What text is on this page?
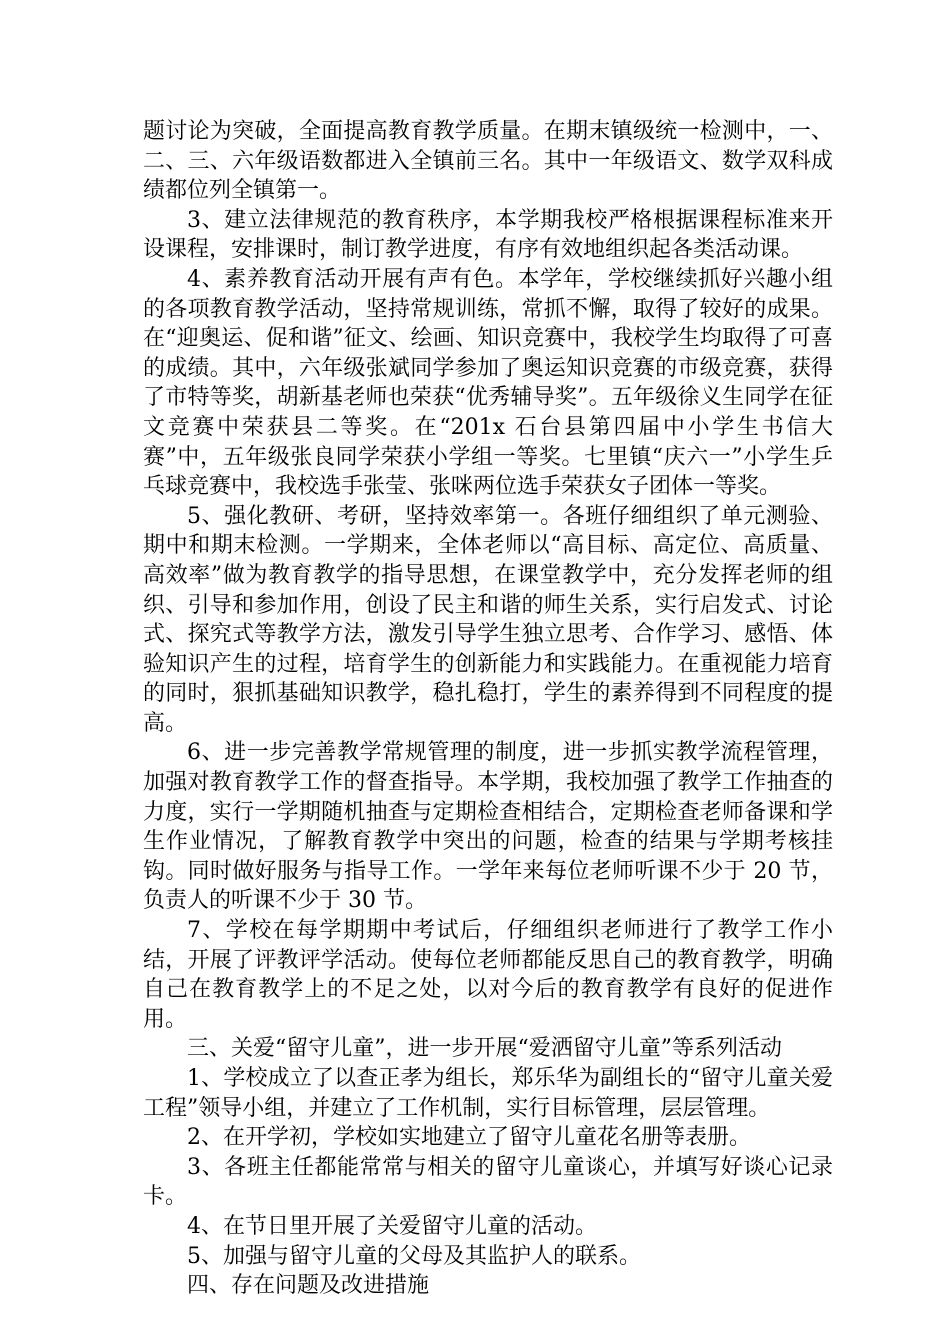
题讨论为突破，全面提高教育教学质量。在期末镇级统一检测中，一、二、三、六年级语数都进入全镇前三名。其中一年级语文、数学双科成绩都位列全镇第一。

3、建立法律规范的教育秩序，本学期我校严格根据课程标准来开设课程，安排课时，制订教学进度，有序有效地组织起各类活动课。

4、素养教育活动开展有声有色。本学年，学校继续抓好兴趣小组的各项教育教学活动，坚持常规训练，常抓不懈，取得了较好的成果。在“迎奥运、促和谐”征文、绘画、知识竞赛中，我校学生均取得了可喜的成绩。其中，六年级张斌同学参加了奥运知识竞赛的市级竞赛，获得了市特等奖，胡新基老师也荣获“优秀辅导奖”。五年级徐义生同学在征文竞赛中荣获县二等奖。在“201x 石台县第四届中小学生书信大赛”中，五年级张良同学荣获小学组一等奖。七里镇“庆六一”小学生乒乓球竞赛中，我校选手张莹、张咪两位选手荣获女子团体一等奖。

5、强化教研、考研，坚持效率第一。各班仔细组织了单元测验、期中和期末检测。一学期来，全体老师以“高目标、高定位、高质量、高效率”做为教育教学的指导思想，在课堂教学中，充分发挥老师的组织、引导和参加作用，创设了民主和谐的师生关系，实行启发式、讨论式、探究式等教学方法，激发引导学生独立思考、合作学习、感悟、体验知识产生的过程，培育学生的创新能力和实践能力。在重视能力培育的同时，狠抓基础知识教学，稳扎稳打，学生的素养得到不同程度的提高。

6、进一步完善教学常规管理的制度，进一步抓实教学流程管理，加强对教育教学工作的督查指导。本学期，我校加强了教学工作抽查的力度，实行一学期随机抽查与定期检查相结合，定期检查老师备课和学生作业情况，了解教育教学中突出的问题，检查的结果与学期考核挂钩。同时做好服务与指导工作。一学年来每位老师听课不少于 20 节，负责人的听课不少于 30 节。

7、学校在每学期期中考试后，仔细组织老师进行了教学工作小结，开展了评教评学活动。使每位老师都能反思自己的教育教学，明确自己在教育教学上的不足之处，以对今后的教育教学有良好的促进作用。

三、关爱“留守儿童”，进一步开展“爱洒留守儿童”等系列活动

1、学校成立了以查正孝为组长，郑乐华为副组长的“留守儿童关爱工程”领导小组，并建立了工作机制，实行目标管理，层层管理。

2、在开学初，学校如实地建立了留守儿童花名册等表册。

3、各班主任都能常常与相关的留守儿童谈心，并填写好谈心记录卡。

4、在节日里开展了关爱留守儿童的活动。

5、加强与留守儿童的父母及其监护人的联系。

四、存在问题及改进措施
